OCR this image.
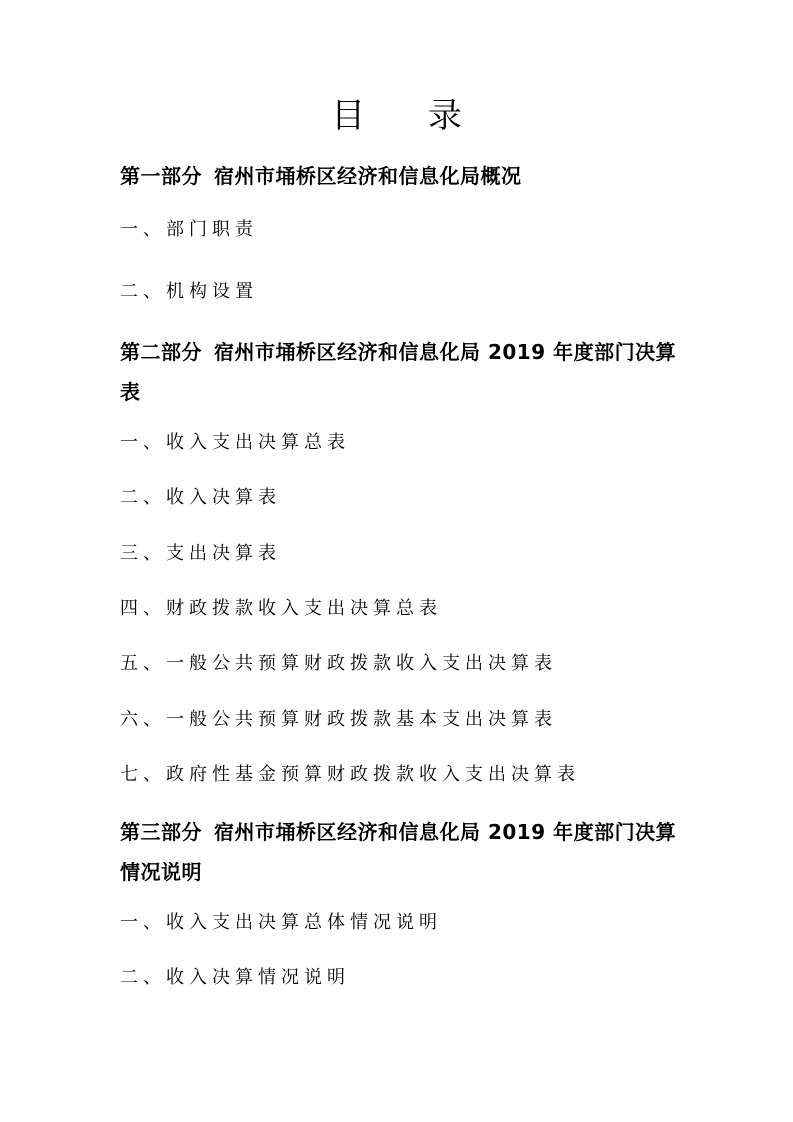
目 录

第一部分 宿州市埇桥区经济和信息化局概况

一、部门职责

二、机构设置

第二部分 宿州市埇桥区经济和信息化局 2019 年度部门决算
表

一、收入支出决算总表

二、收入决算表

三、支出决算表

四、财政拨款收入支出决算总表

五、一般公共预算财政拨款收入支出决算表

六、一般公共预算财政拨款基本支出决算表

七、政府性基金预算财政拨款收入支出决算表

第三部分 宿州市埇桥区经济和信息化局 2019 年度部门决算
情况说明

一、收入支出决算总体情况说明

二、收入决算情况说明
